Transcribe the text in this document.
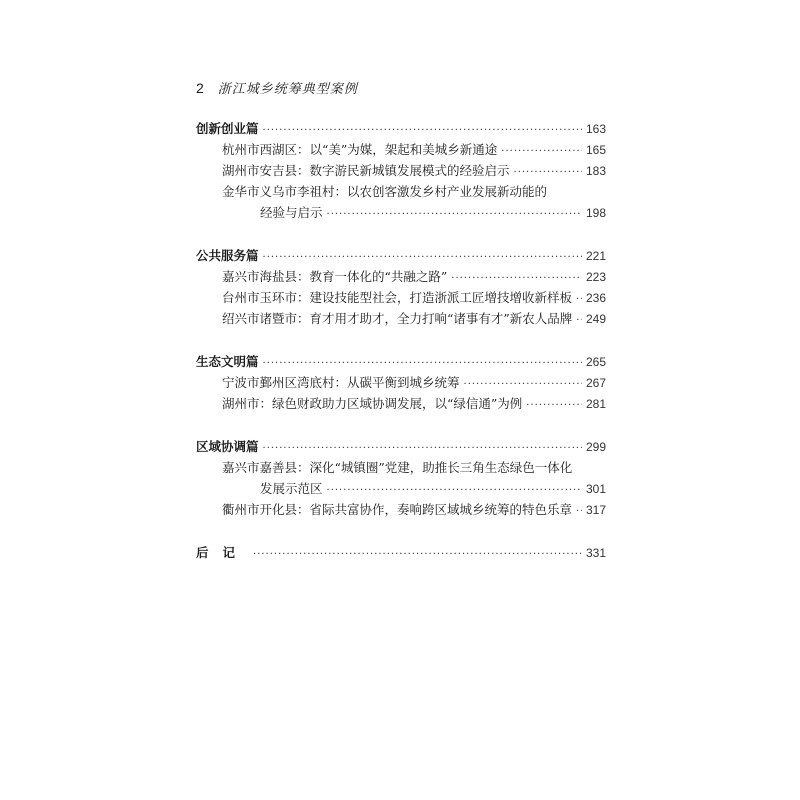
2 浙江城乡统筹典型案例
创新创业篇 ·····	163
杭州市西湖区：以“美”为媒，架起和美城乡新通途 ·····	165
湖州市安吉县：数字游民新城镇发展模式的经验启示 ·····	183
金华市义乌市李祖村：以农创客激发乡村产业发展新动能的
经验与启示 ·····	198
公共服务篇 ·····	221
嘉兴市海盐县：教育一体化的“共融之路” ·····	223
台州市玉环市：建设技能型社会，打造浙派工匠增技增收新样板 ····· 236
绍兴市诸暨市：育才用才助才，全力打响“诸事有才”新农人品牌 ····· 249
生态文明篇 ·····	265
宁波市鄞州区湾底村：从碳平衡到城乡统筹 ·····	267
湖州市：绿色财政助力区域协调发展，以“绿信通”为例 ·····	281
区域协调篇 ·····	299
嘉兴市嘉善县：深化“城镇圈”党建，助推长三角生态绿色一体化
发展示范区 ·····	301
衢州市开化县：省际共富协作，奏响跨区域城乡统筹的特色乐章 ····· 317
后记 ·····	331
